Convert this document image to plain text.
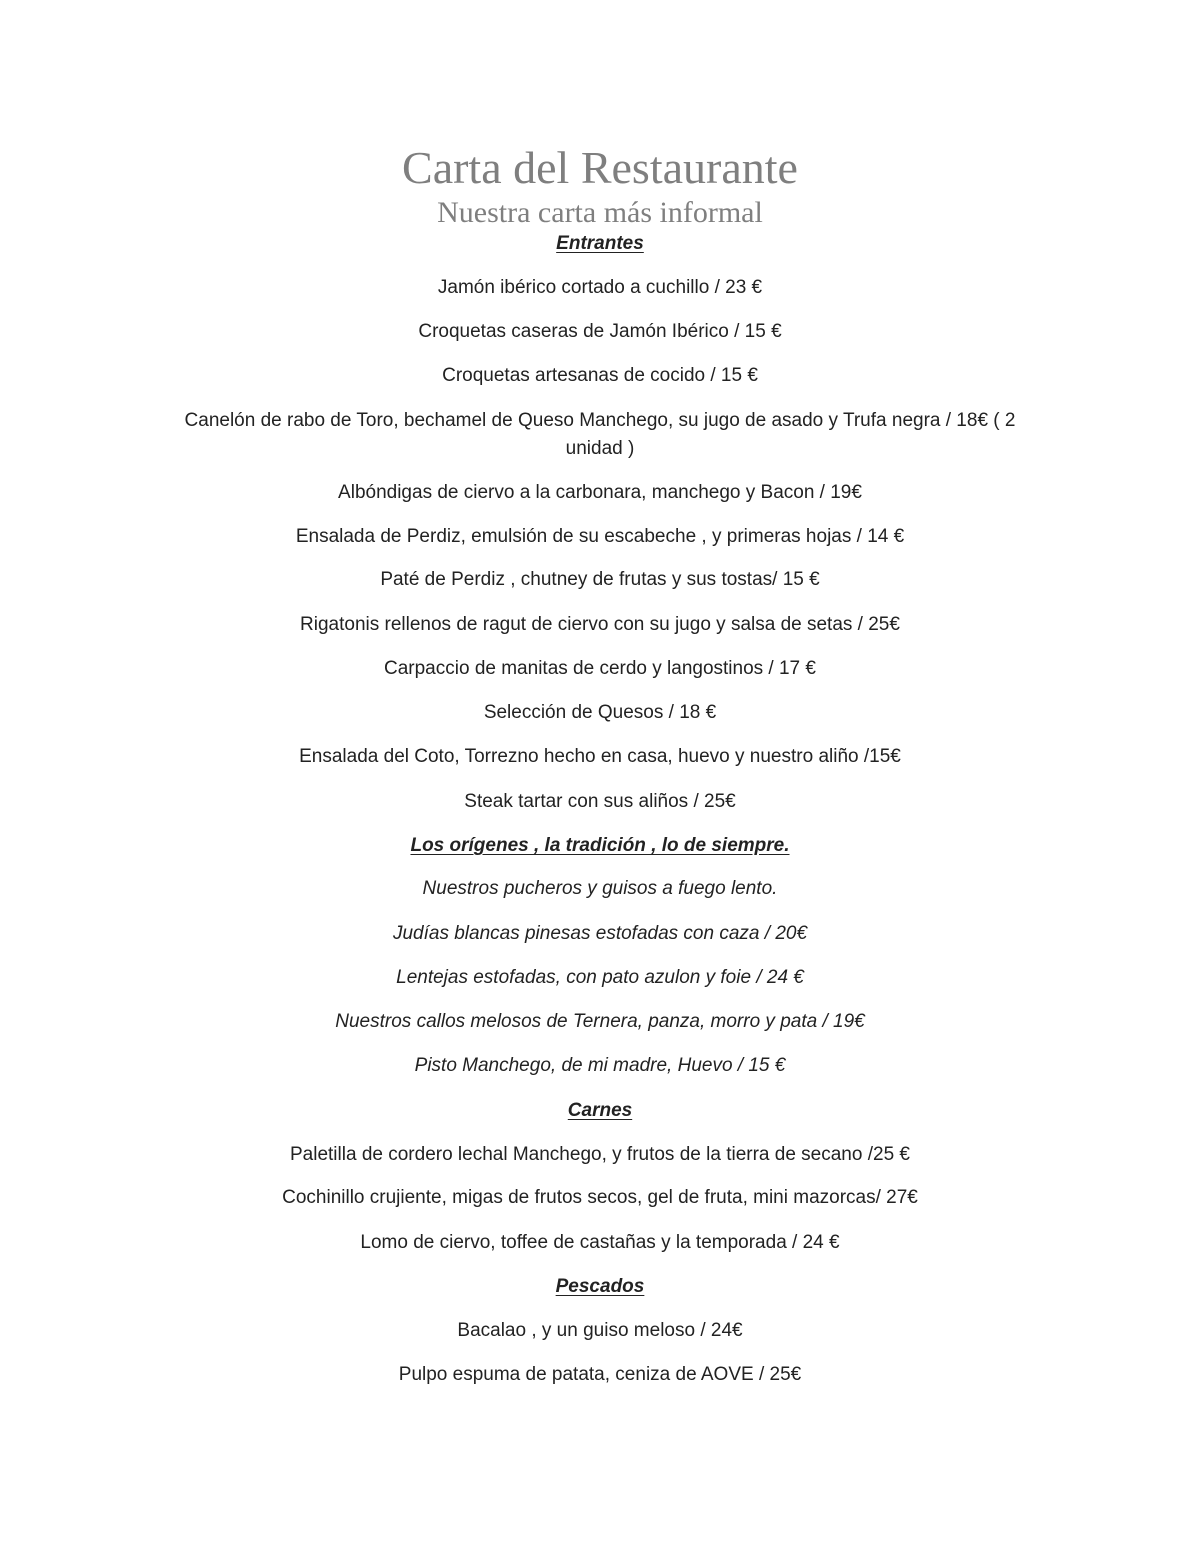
Carta del Restaurante
Nuestra carta más informal
Entrantes
Jamón ibérico cortado a cuchillo / 23 €
Croquetas caseras de Jamón Ibérico / 15 €
Croquetas artesanas de cocido / 15 €
Canelón de rabo de Toro, bechamel de Queso Manchego, su jugo de asado y Trufa negra / 18€ ( 2 unidad )
Albóndigas de ciervo a la carbonara, manchego y Bacon / 19€
Ensalada de Perdiz, emulsión de su escabeche , y primeras hojas / 14 €
Paté de Perdiz , chutney de frutas y sus tostas/ 15 €
Rigatonis rellenos de ragut de ciervo con su jugo y salsa de setas / 25€
Carpaccio de manitas de cerdo y langostinos / 17 €
Selección de Quesos / 18 €
Ensalada del Coto, Torrezno hecho en casa, huevo y nuestro aliño /15€
Steak tartar con sus aliños / 25€
Los orígenes , la tradición , lo de siempre.
Nuestros pucheros y guisos a fuego lento.
Judías blancas pinesas estofadas con caza / 20€
Lentejas estofadas, con pato azulon y foie / 24 €
Nuestros callos melosos de Ternera, panza, morro y pata / 19€
Pisto Manchego, de mi madre, Huevo / 15 €
Carnes
Paletilla de cordero lechal Manchego, y frutos de la tierra de secano /25 €
Cochinillo crujiente, migas de frutos secos, gel de fruta, mini mazorcas/ 27€
Lomo de ciervo, toffee de castañas y la temporada / 24 €
Pescados
Bacalao , y un guiso meloso / 24€
Pulpo espuma de patata, ceniza de AOVE / 25€
